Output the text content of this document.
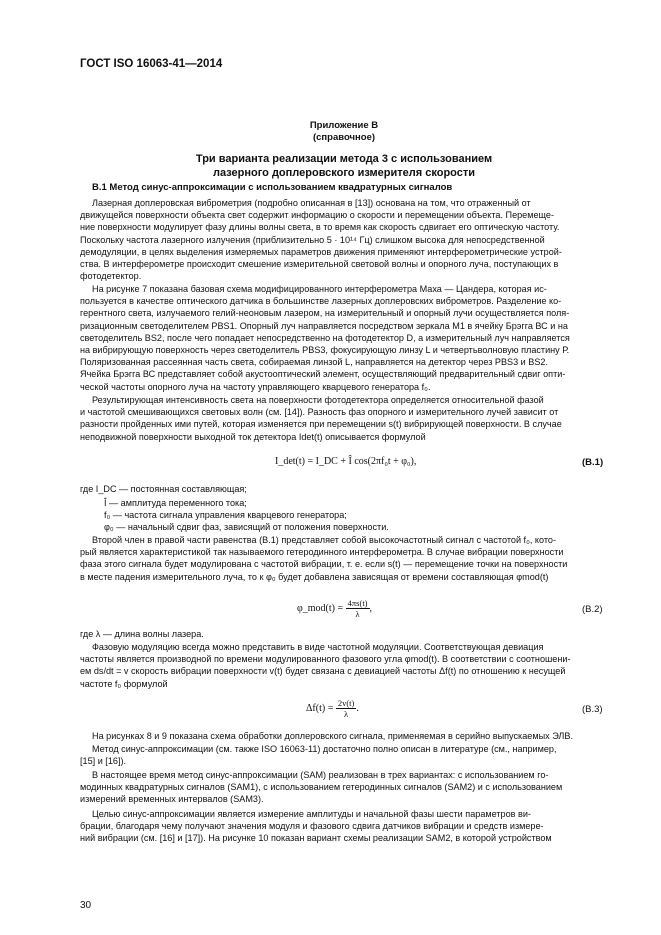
ГОСТ ISO 16063-41—2014
Приложение В
(справочное)
Три варианта реализации метода 3 с использованием
лазерного доплеровского измерителя скорости
В.1 Метод синус-аппроксимации с использованием квадратурных сигналов
Лазерная доплеровская виброметрия (подробно описанная в [13]) основана на том, что отраженный от
движущейся поверхности объекта свет содержит информацию о скорости и перемещении объекта. Перемеще-
ние поверхности модулирует фазу длины волны света, в то время как скорость сдвигает его оптическую частоту.
Поскольку частота лазерного излучения (приблизительно 5 · 10¹⁴ Гц) слишком высока для непосредственной
демодуляции, в целях выделения измеряемых параметров движения применяют интерферометрические устрой-
ства. В интерферометре происходит смешение измерительной световой волны и опорного луча, поступающих в
фотодетектор.
На рисунке 7 показана базовая схема модифицированного интерферометра Маха — Цандера, которая ис-
пользуется в качестве оптического датчика в большинстве лазерных доплеровских виброметров. Разделение ко-
герентного света, излучаемого гелий-неоновым лазером, на измерительный и опорный лучи осуществляется поля-
ризационным светоделителем PBS1. Опорный луч направляется посредством зеркала М1 в ячейку Брэгга ВС и на
светоделитель BS2, после чего попадает непосредственно на фотодетектор D, а измерительный луч направляется
на вибрирующую поверхность через светоделитель PBS3, фокусирующую линзу L и четвертьволновую пластину Р.
Поляризованная рассеянная часть света, собираемая линзой L, направляется на детектор через PBS3 и BS2.
Ячейка Брэгга ВС представляет собой акустооптический элемент, осуществляющий предварительный сдвиг опти-
ческой частоты опорного луча на частоту управляющего кварцевого генератора f₀.
Результирующая интенсивность света на поверхности фотодетектора определяется относительной фазой
и частотой смешивающихся световых волн (см. [14]). Разность фаз опорного и измерительного лучей зависит от
разности пройденных ими путей, которая изменяется при перемещении s(t) вибрирующей поверхности. В случае
неподвижной поверхности выходной ток детектора Idet(t) описывается формулой
I_det(t) = I_DC + Î cos(2πf₀t + φ₀),	(B.1)
где I_DC — постоянная составляющая;
Î — амплитуда переменного тока;
f₀ — частота сигнала управления кварцевого генератора;
φ₀ — начальный сдвиг фаз, зависящий от положения поверхности.
Второй член в правой части равенства (В.1) представляет собой высокочастотный сигнал с частотой f₀, кото-
рый является характеристикой так называемого гетеродинного интерферометра. В случае вибрации поверхности
фаза этого сигнала будет модулирована с частотой вибрации, т. е. если s(t) — перемещение точки на поверхности
в месте падения измерительного луча, то к φ₀ будет добавлена зависящая от времени составляющая φmod(t)
φ_mod(t) = $\frac{4\pi s(t)}{\lambda}$ ,	(B.2)
где λ — длина волны лазера.
Фазовую модуляцию всегда можно представить в виде частотной модуляции. Соответствующая девиация
частоты является производной по времени модулированного фазового угла φmod(t). В соответствии с соотношени-
ем ds/dt = v скорость вибрации поверхности v(t) будет связана с девиацией частоты Δf(t) по отношению к несущей
частоте f₀ формулой
$\Delta f(t) = \frac{2v(t)}{\lambda}$ .	(B.3)
На рисунках 8 и 9 показана схема обработки доплеровского сигнала, применяемая в серийно выпускаемых ЭЛВ.
Метод синус-аппроксимации (см. также ISO 16063-11) достаточно полно описан в литературе (см., например,
[15] и [16]).
В настоящее время метод синус-аппроксимации (SAM) реализован в трех вариантах: с использованием го-
модинных квадратурных сигналов (SAM1), с использованием гетеродинных сигналов (SAM2) и с использованием
измерений временных интервалов (SAM3).
Целью синус-аппроксимации является измерение амплитуды и начальной фазы шести параметров ви-
брации, благодаря чему получают значения модуля и фазового сдвига датчиков вибрации и средств измере-
ний вибрации (см. [16] и [17]). На рисунке 10 показан вариант схемы реализации SAM2, в которой устройством
30
